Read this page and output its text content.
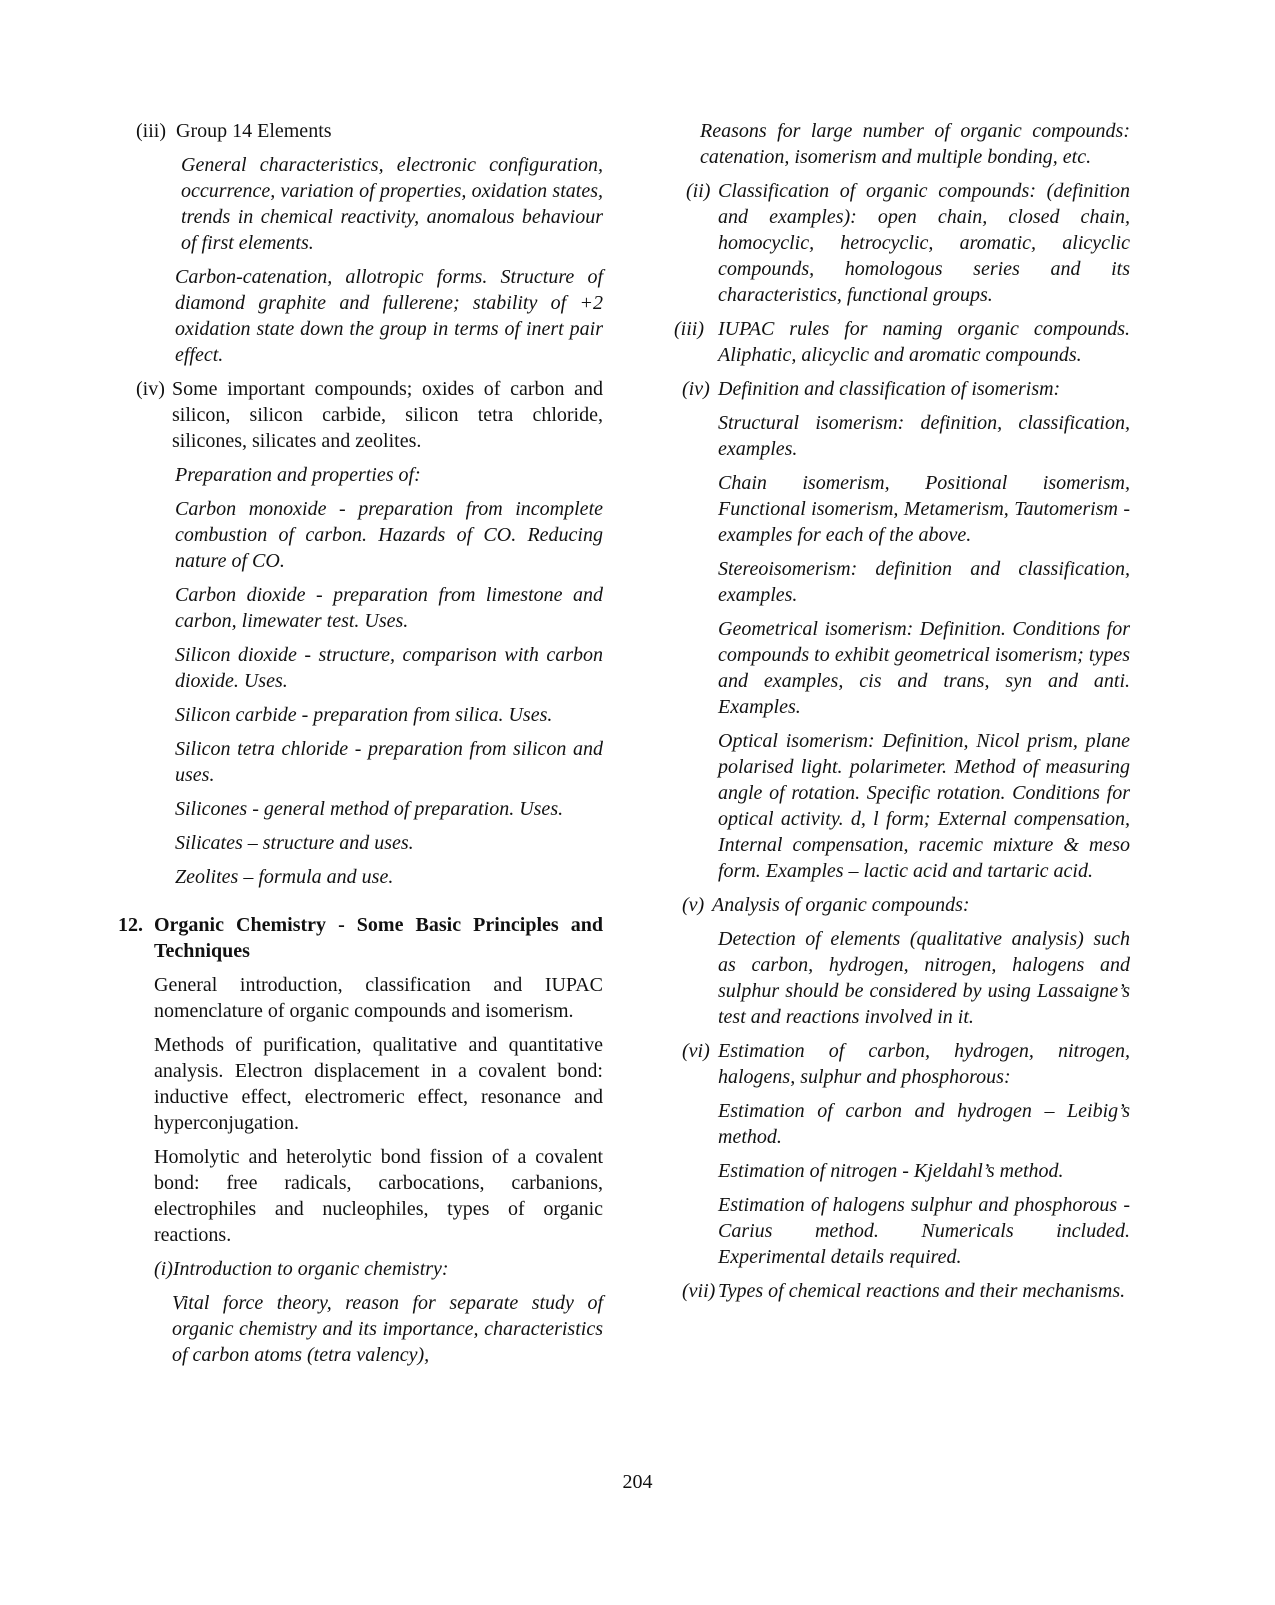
(iii)
Group 14 Elements

General characteristics, electronic configuration, occurrence, variation of properties, oxidation states, trends in chemical reactivity, anomalous behaviour of first elements.

Carbon-catenation, allotropic forms. Structure of diamond graphite and fullerene; stability of +2 oxidation state down the group in terms of inert pair effect.

(iv) Some important compounds; oxides of carbon and silicon, silicon carbide, silicon tetra chloride, silicones, silicates and zeolites.

Preparation and properties of:

Carbon monoxide - preparation from incomplete combustion of carbon. Hazards of CO. Reducing nature of CO.

Carbon dioxide - preparation from limestone and carbon, limewater test. Uses.

Silicon dioxide - structure, comparison with carbon dioxide. Uses.

Silicon carbide - preparation from silica. Uses.

Silicon tetra chloride - preparation from silicon and uses.

Silicones - general method of preparation. Uses.

Silicates – structure and uses.

Zeolites – formula and use.

12. Organic Chemistry - Some Basic Principles and Techniques

General introduction, classification and IUPAC nomenclature of organic compounds and isomerism.

Methods of purification, qualitative and quantitative analysis. Electron displacement in a covalent bond: inductive effect, electromeric effect, resonance and hyperconjugation.

Homolytic and heterolytic bond fission of a covalent bond: free radicals, carbocations, carbanions, electrophiles and nucleophiles, types of organic reactions.

(i) Introduction to organic chemistry:

Vital force theory, reason for separate study of organic chemistry and its importance, characteristics of carbon atoms (tetra valency),

Reasons for large number of organic compounds: catenation, isomerism and multiple bonding, etc.

(ii) Classification of organic compounds: (definition and examples): open chain, closed chain, homocyclic, hetrocyclic, aromatic, alicyclic compounds, homologous series and its characteristics, functional groups.
(iii) IUPAC rules for naming organic compounds. Aliphatic, alicyclic and aromatic compounds.
(iv) Definition and classification of isomerism:

Structural isomerism: definition, classification, examples.

Chain isomerism, Positional isomerism, Functional isomerism, Metamerism, Tautomerism - examples for each of the above.

Stereoisomerism: definition and classification, examples.

Geometrical isomerism: Definition. Conditions for compounds to exhibit geometrical isomerism; types and examples, cis and trans, syn and anti. Examples.

Optical isomerism: Definition, Nicol prism, plane polarised light. polarimeter. Method of measuring angle of rotation. Specific rotation. Conditions for optical activity. d, l form; External compensation, Internal compensation, racemic mixture & meso form. Examples – lactic acid and tartaric acid.

(v) Analysis of organic compounds:

Detection of elements (qualitative analysis) such as carbon, hydrogen, nitrogen, halogens and sulphur should be considered by using Lassaigne’s test and reactions involved in it.

(vi) Estimation of carbon, hydrogen, nitrogen, halogens, sulphur and phosphorous:

Estimation of carbon and hydrogen – Leibig’s method.

Estimation of nitrogen - Kjeldahl’s method.

Estimation of halogens sulphur and phosphorous - Carius method. Numericals included. Experimental details required.

(vii) Types of chemical reactions and their mechanisms.
204
